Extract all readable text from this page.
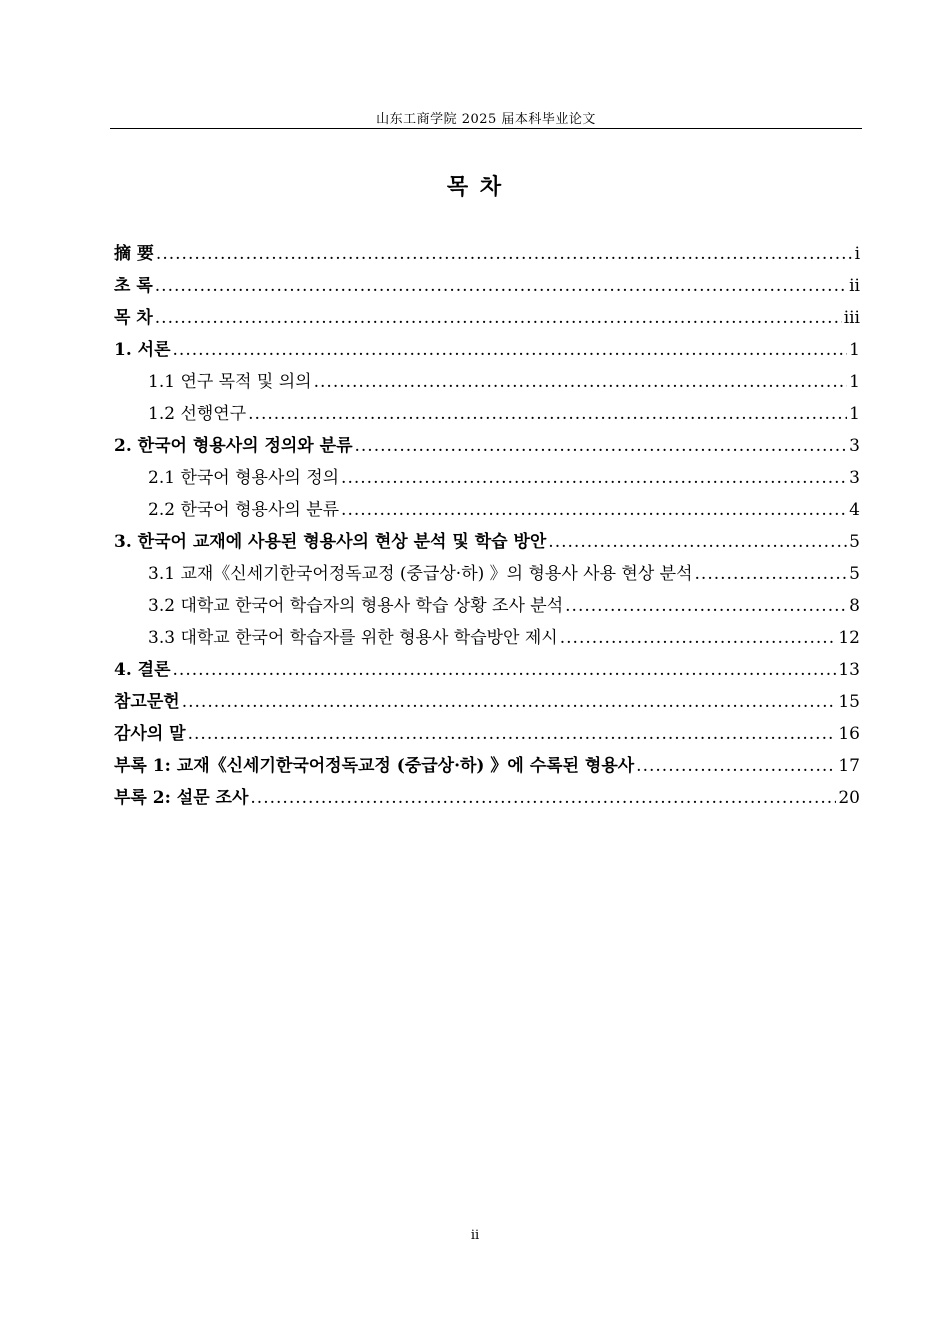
山东工商学院 2025 届本科毕业论文
목 차
摘 要 .....	i
초 록 .....	ii
목 차 .....	iii
1. 서론 .....	1
1.1 연구 목적 및 의의 .....	1
1.2 선행연구 .....	1
2. 한국어 형용사의 정의와 분류 .....	3
2.1 한국어 형용사의 정의 .....	3
2.2 한국어 형용사의 분류 .....	4
3. 한국어 교재에 사용된 형용사의 현상 분석 및 학습 방안 .....	5
3.1 교재《신세기한국어정독교정 (중급상·하) 》의 형용사 사용 현상 분석 .....	5
3.2 대학교 한국어 학습자의 형용사 학습 상황 조사 분석 .....	8
3.3 대학교 한국어 학습자를 위한 형용사 학습방안 제시 .....	12
4. 결론 .....	13
참고문헌 .....	15
감사의 말 .....	16
부록 1: 교재《신세기한국어정독교정 (중급상·하) 》에 수록된 형용사 .....	17
부록 2: 설문 조사 .....	20
ii
